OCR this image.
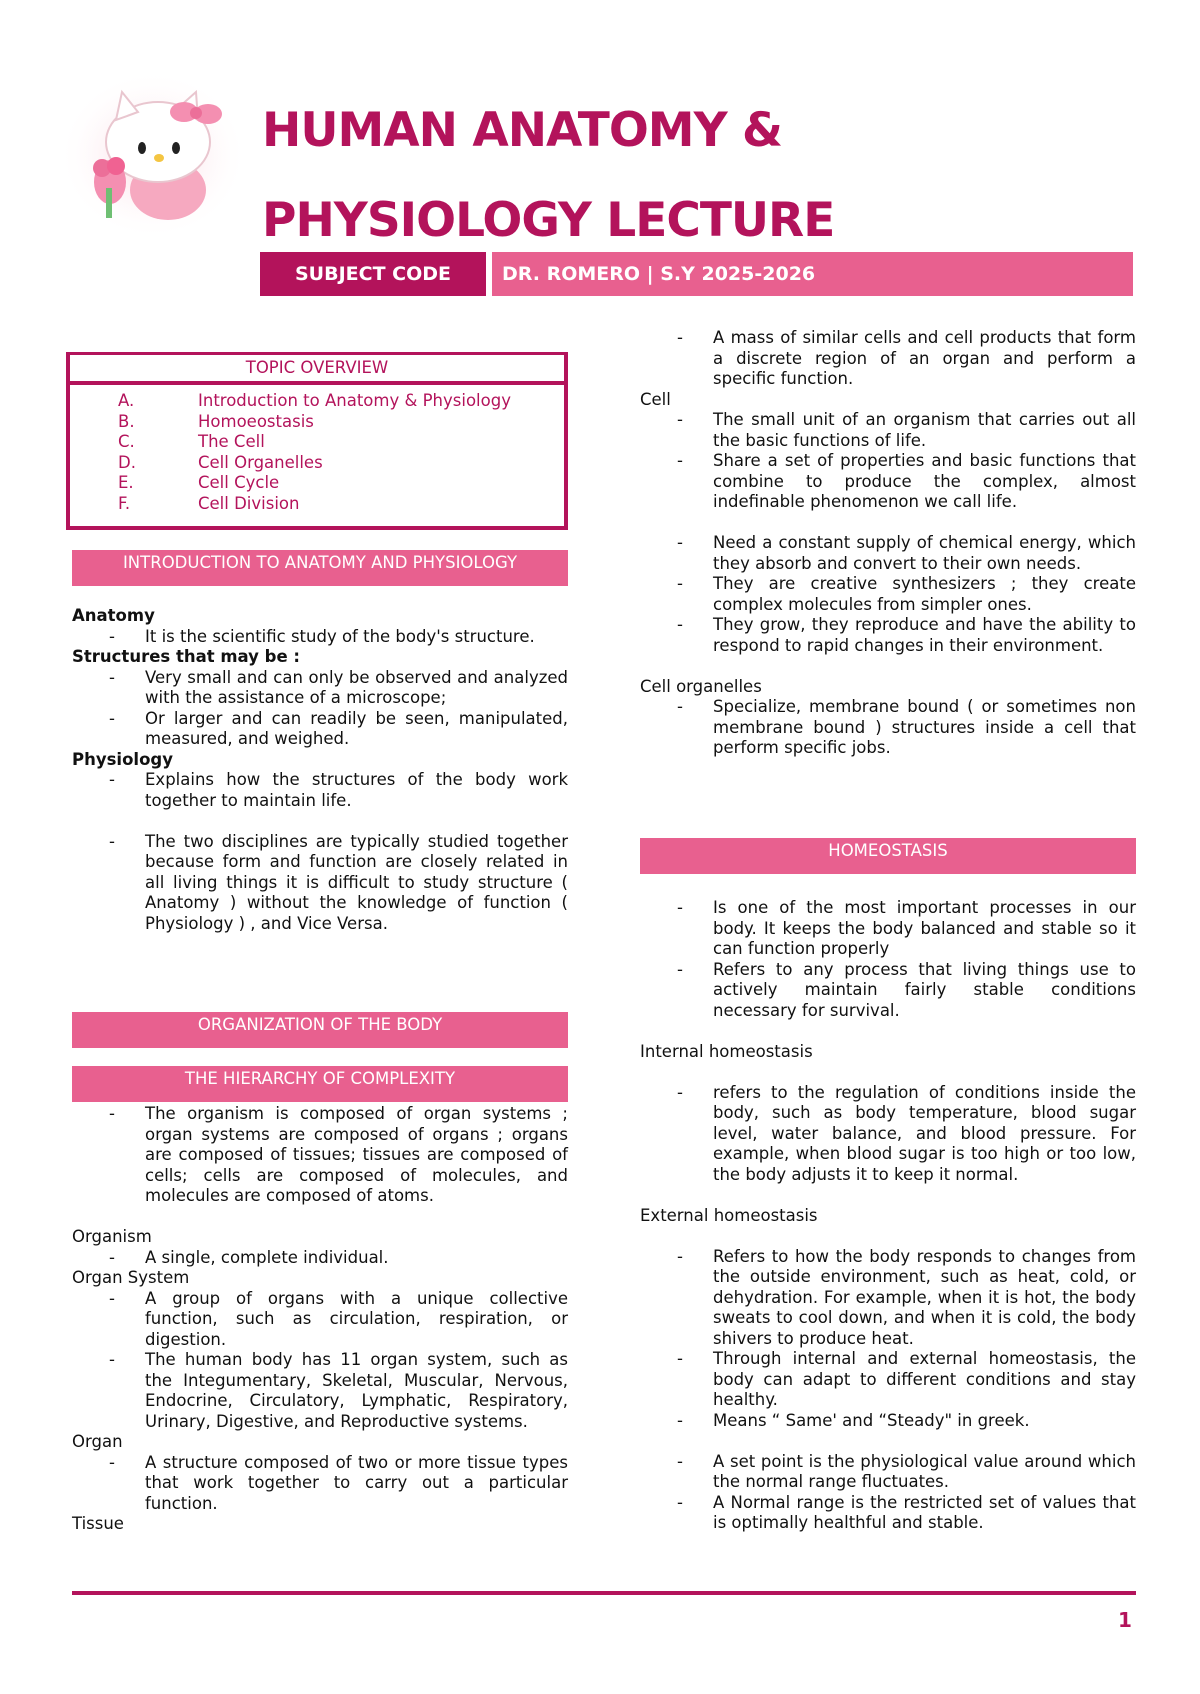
HUMAN ANATOMY &
PHYSIOLOGY LECTURE
SUBJECT CODE	DR. ROMERO | S.Y 2025-2026
TOPIC OVERVIEW
A.	Introduction to Anatomy & Physiology
B.	Homoeostasis
C.	The Cell
D.	Cell Organelles
E.	Cell Cycle
F.	Cell Division
INTRODUCTION TO ANATOMY AND PHYSIOLOGY
Anatomy
-	It is the scientific study of the body's structure.
Structures that may be :
-	Very small and can only be observed and analyzed with the assistance of a microscope;
-	Or larger and can readily be seen, manipulated, measured, and weighed.
Physiology
-	Explains how the structures of the body work together to maintain life.
-	The two disciplines are typically studied together because form and function are closely related in all living things it is difficult to study structure ( Anatomy ) without the knowledge of function ( Physiology ) , and Vice Versa.
ORGANIZATION OF THE BODY
THE HIERARCHY OF COMPLEXITY
-	The organism is composed of organ systems ; organ systems are composed of organs ; organs are composed of tissues; tissues are composed of cells; cells are composed of molecules, and molecules are composed of atoms.
Organism
-	A single, complete individual.
Organ System
-	A group of organs with a unique collective function, such as circulation, respiration, or digestion.
-	The human body has 11 organ system, such as the Integumentary, Skeletal, Muscular, Nervous, Endocrine, Circulatory, Lymphatic, Respiratory, Urinary, Digestive, and Reproductive systems.
Organ
-	A structure composed of two or more tissue types that work together to carry out a particular function.
Tissue
-	A mass of similar cells and cell products that form a discrete region of an organ and perform a specific function.
Cell
-	The small unit of an organism that carries out all the basic functions of life.
-	Share a set of properties and basic functions that combine to produce the complex, almost indefinable phenomenon we call life.
-	Need a constant supply of chemical energy, which they absorb and convert to their own needs.
-	They are creative synthesizers ; they create complex molecules from simpler ones.
-	They grow, they reproduce and have the ability to respond to rapid changes in their environment.
Cell organelles
-	Specialize, membrane bound ( or sometimes non membrane bound ) structures inside a cell that perform specific jobs.
HOMEOSTASIS
-	Is one of the most important processes in our body. It keeps the body balanced and stable so it can function properly
-	Refers to any process that living things use to actively maintain fairly stable conditions necessary for survival.
Internal homeostasis
-	refers to the regulation of conditions inside the body, such as body temperature, blood sugar level, water balance, and blood pressure. For example, when blood sugar is too high or too low, the body adjusts it to keep it normal.
External homeostasis
-	Refers to how the body responds to changes from the outside environment, such as heat, cold, or dehydration. For example, when it is hot, the body sweats to cool down, and when it is cold, the body shivers to produce heat.
-	Through internal and external homeostasis, the body can adapt to different conditions and stay healthy.
-	Means “ Same' and “Steady" in greek.
-	A set point is the physiological value around which the normal range fluctuates.
-	A Normal range is the restricted set of values that is optimally healthful and stable.
1
